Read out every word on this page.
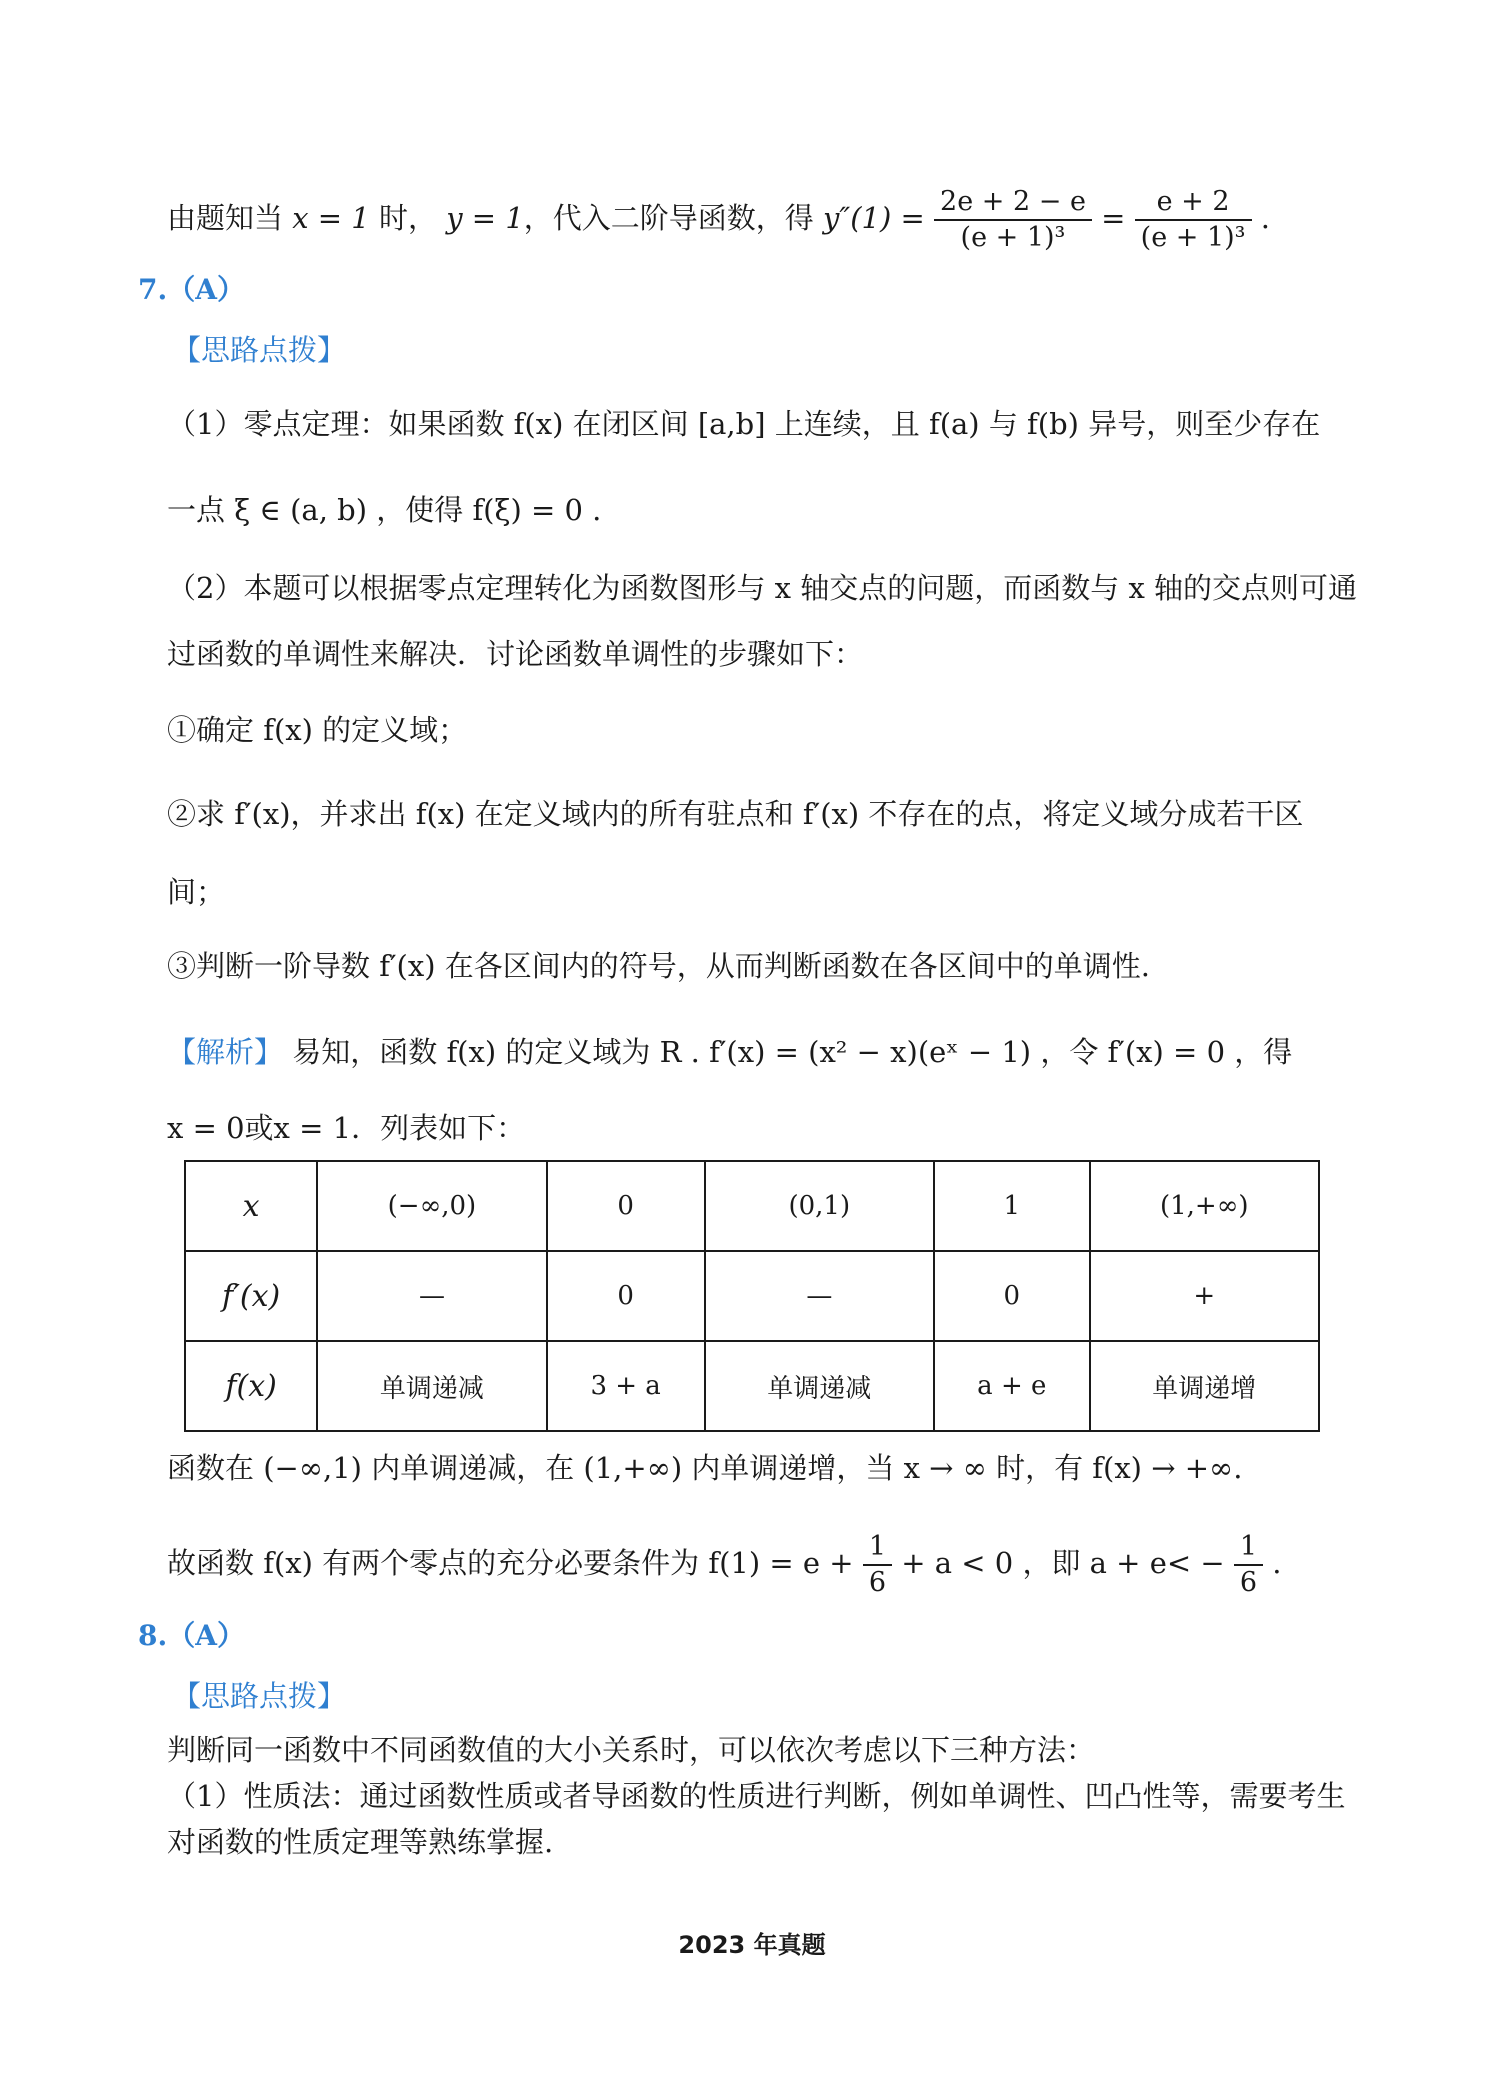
由题知当 x = 1 时， y = 1，代入二阶导函数，得 $y''(1) = \frac{2e + 2 - e}{\text{(e + 1)³}} = \frac{e + 2}{\text{(e + 1)³}}$ .
7.（A）
【思路点拨】
（1）零点定理：如果函数 f(x) 在闭区间 [a,b] 上连续，且 f(a) 与 f(b) 异号，则至少存在
一点 ξ ∈ (a, b) ，使得 f(ξ) = 0 .
（2）本题可以根据零点定理转化为函数图形与 x 轴交点的问题，而函数与 x 轴的交点则可通
过函数的单调性来解决．讨论函数单调性的步骤如下：
①确定 f(x) 的定义域；
②求 f′(x)，并求出 f(x) 在定义域内的所有驻点和 f′(x) 不存在的点，将定义域分成若干区
间；
③判断一阶导数 f′(x) 在各区间内的符号，从而判断函数在各区间中的单调性.
【解析】 易知，函数 f(x) 的定义域为 R . f′(x) = (x² − x)(eˣ − 1) ，令 f′(x) = 0 ，得
x = 0或x = 1．列表如下：
x	(−∞,0)	0	(0,1)	1	(1,+∞)
f′(x)	—	0	—	0	+
f(x)	单调递减	3 + a	单调递减	a + e	单调递增
函数在 (−∞,1) 内单调递减，在 (1,+∞) 内单调递增，当 x → ∞ 时，有 f(x) → +∞.
故函数 f(x) 有两个零点的充分必要条件为 $f(1) = e + \frac{1}{6} + a < 0$ ，即 $a + e< - \frac{1}{6}$ .
8.（A）
【思路点拨】
判断同一函数中不同函数值的大小关系时，可以依次考虑以下三种方法：
（1）性质法：通过函数性质或者导函数的性质进行判断，例如单调性、凹凸性等，需要考生
对函数的性质定理等熟练掌握.
2023 年真题
